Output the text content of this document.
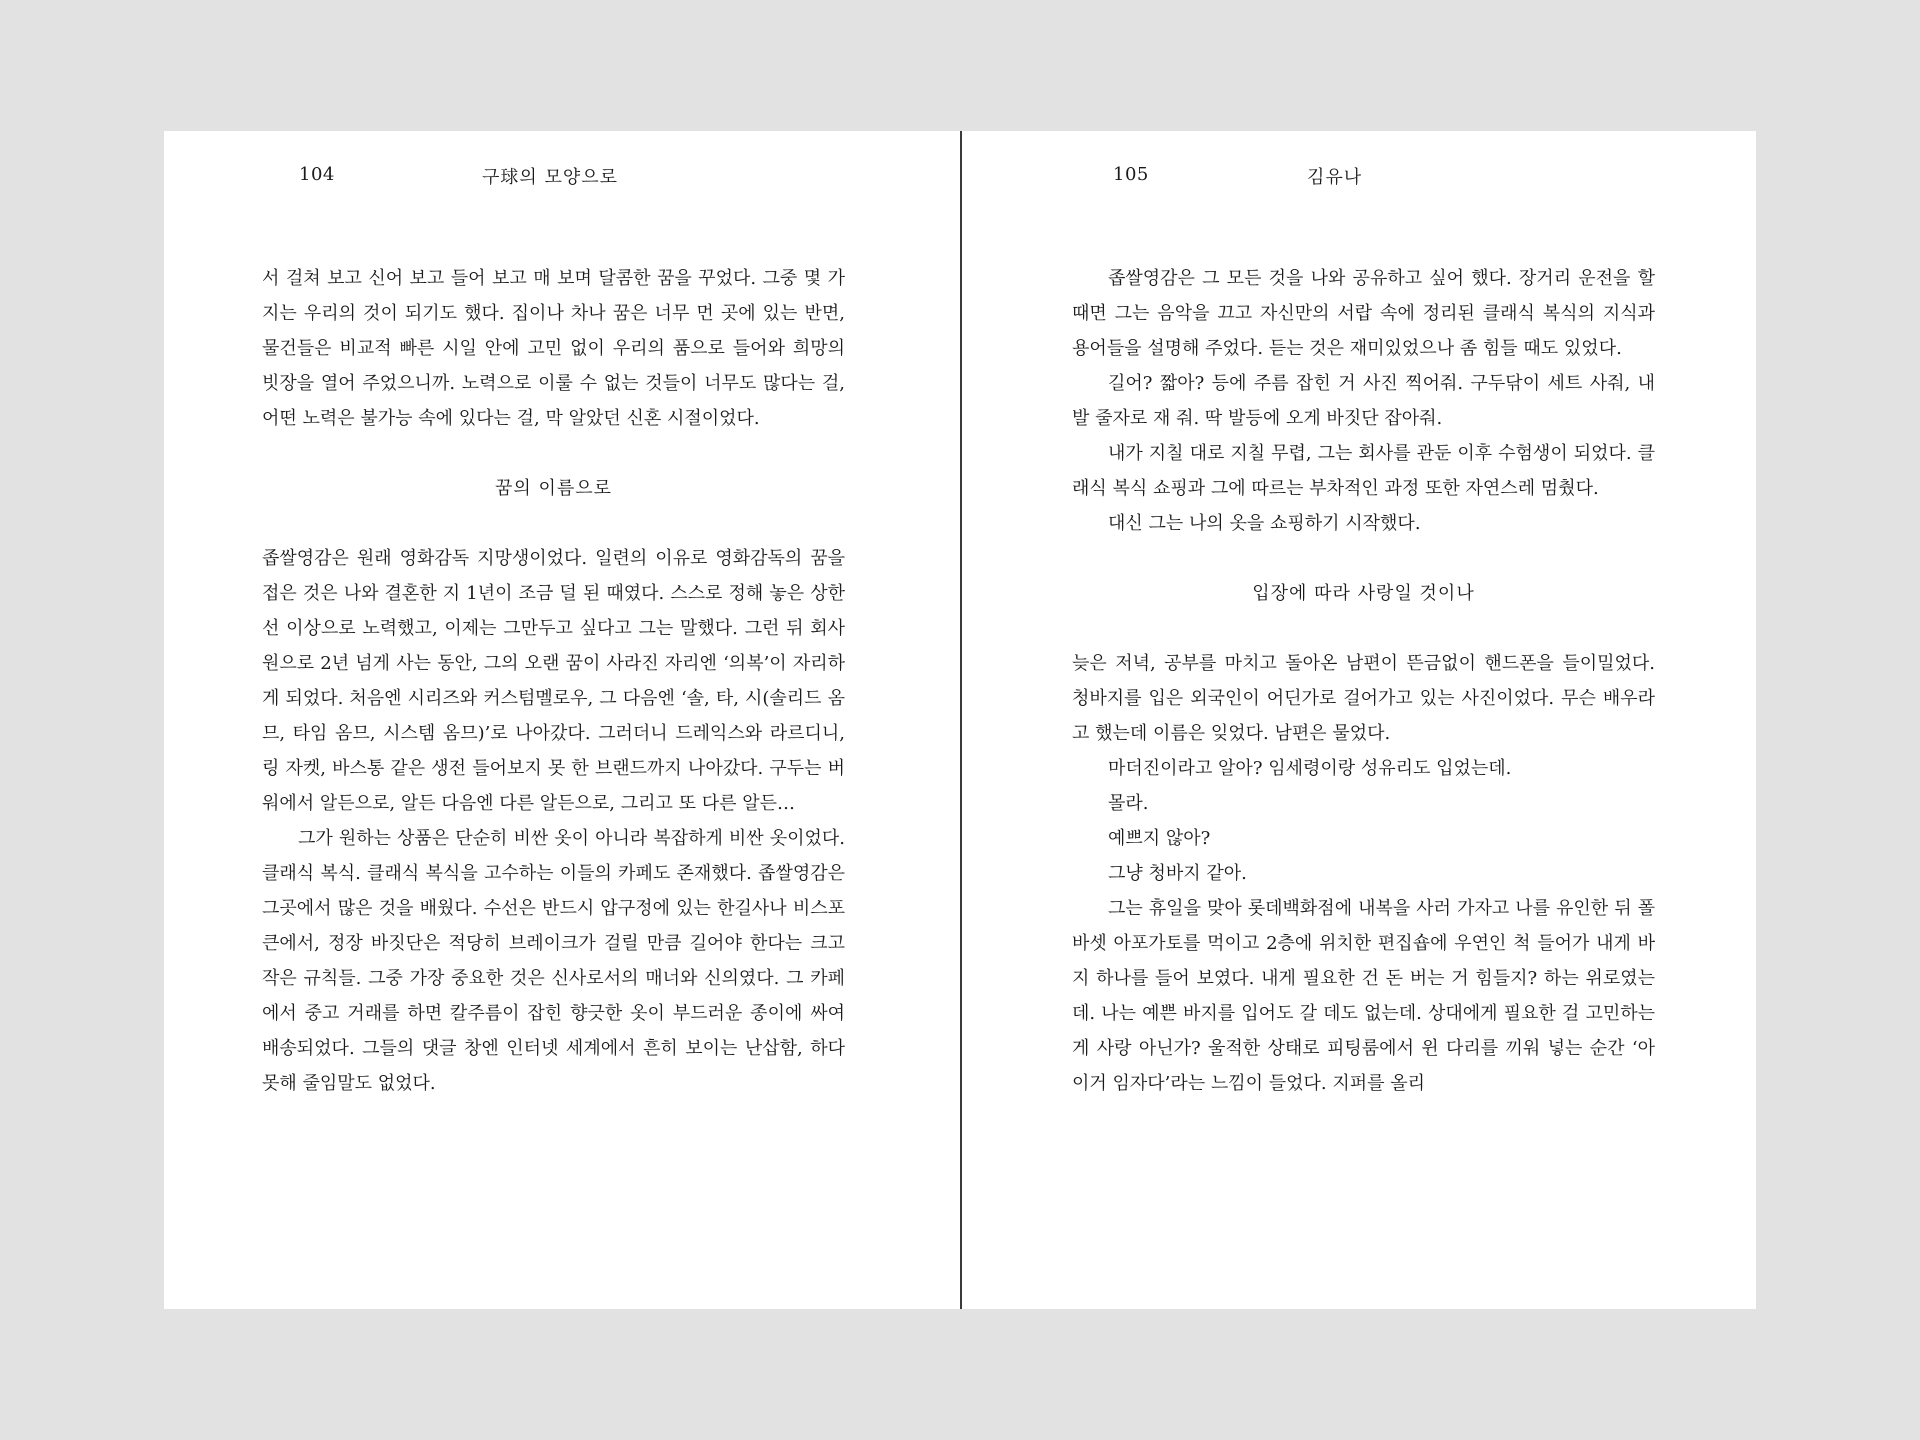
104	구球의 모양으로

서 걸쳐 보고 신어 보고 들어 보고 매 보며 달콤한 꿈을 꾸었다. 그중 몇 가지는 우리의 것이 되기도 했다. 집이나 차나 꿈은 너무 먼 곳에 있는 반면, 물건들은 비교적 빠른 시일 안에 고민 없이 우리의 품으로 들어와 희망의 빗장을 열어 주었으니까. 노력으로 이룰 수 없는 것들이 너무도 많다는 걸, 어떤 노력은 불가능 속에 있다는 걸, 막 알았던 신혼 시절이었다.

꿈의 이름으로

좁쌀영감은 원래 영화감독 지망생이었다. 일련의 이유로 영화감독의 꿈을 접은 것은 나와 결혼한 지 1년이 조금 덜 된 때였다. 스스로 정해 놓은 상한선 이상으로 노력했고, 이제는 그만두고 싶다고 그는 말했다. 그런 뒤 회사원으로 2년 넘게 사는 동안, 그의 오랜 꿈이 사라진 자리엔 ‘의복’이 자리하게 되었다. 처음엔 시리즈와 커스텀멜로우, 그 다음엔 ‘솔, 타, 시(솔리드 옴므, 타임 옴므, 시스템 옴므)’로 나아갔다. 그러더니 드레익스와 라르디니, 링 자켓, 바스통 같은 생전 들어보지 못 한 브랜드까지 나아갔다. 구두는 버워에서 알든으로, 알든 다음엔 다른 알든으로, 그리고 또 다른 알든…

그가 원하는 상품은 단순히 비싼 옷이 아니라 복잡하게 비싼 옷이었다. 클래식 복식. 클래식 복식을 고수하는 이들의 카페도 존재했다. 좁쌀영감은 그곳에서 많은 것을 배웠다. 수선은 반드시 압구정에 있는 한길사나 비스포큰에서, 정장 바짓단은 적당히 브레이크가 걸릴 만큼 길어야 한다는 크고 작은 규칙들. 그중 가장 중요한 것은 신사로서의 매너와 신의였다. 그 카페에서 중고 거래를 하면 칼주름이 잡힌 향긋한 옷이 부드러운 종이에 싸여 배송되었다. 그들의 댓글 창엔 인터넷 세계에서 흔히 보이는 난삽함, 하다못해 줄임말도 없었다.

105	김유나

좁쌀영감은 그 모든 것을 나와 공유하고 싶어 했다. 장거리 운전을 할 때면 그는 음악을 끄고 자신만의 서랍 속에 정리된 클래식 복식의 지식과 용어들을 설명해 주었다. 듣는 것은 재미있었으나 좀 힘들 때도 있었다.

길어? 짧아? 등에 주름 잡힌 거 사진 찍어줘. 구두닦이 세트 사줘, 내 발 줄자로 재 줘. 딱 발등에 오게 바짓단 잡아줘.

내가 지칠 대로 지칠 무렵, 그는 회사를 관둔 이후 수험생이 되었다. 클래식 복식 쇼핑과 그에 따르는 부차적인 과정 또한 자연스레 멈췄다.

대신 그는 나의 옷을 쇼핑하기 시작했다.

입장에 따라 사랑일 것이나

늦은 저녁, 공부를 마치고 돌아온 남편이 뜬금없이 핸드폰을 들이밀었다. 청바지를 입은 외국인이 어딘가로 걸어가고 있는 사진이었다. 무슨 배우라고 했는데 이름은 잊었다. 남편은 물었다.

마더진이라고 알아? 임세령이랑 성유리도 입었는데.

몰라.

예쁘지 않아?

그냥 청바지 같아.

그는 휴일을 맞아 롯데백화점에 내복을 사러 가자고 나를 유인한 뒤 폴바셋 아포가토를 먹이고 2층에 위치한 편집숍에 우연인 척 들어가 내게 바지 하나를 들어 보였다. 내게 필요한 건 돈 버는 거 힘들지? 하는 위로였는데. 나는 예쁜 바지를 입어도 갈 데도 없는데. 상대에게 필요한 걸 고민하는 게 사랑 아닌가? 울적한 상태로 피팅룸에서 윈 다리를 끼워 넣는 순간 ‘아 이거 임자다’라는 느낌이 들었다. 지퍼를 올리
